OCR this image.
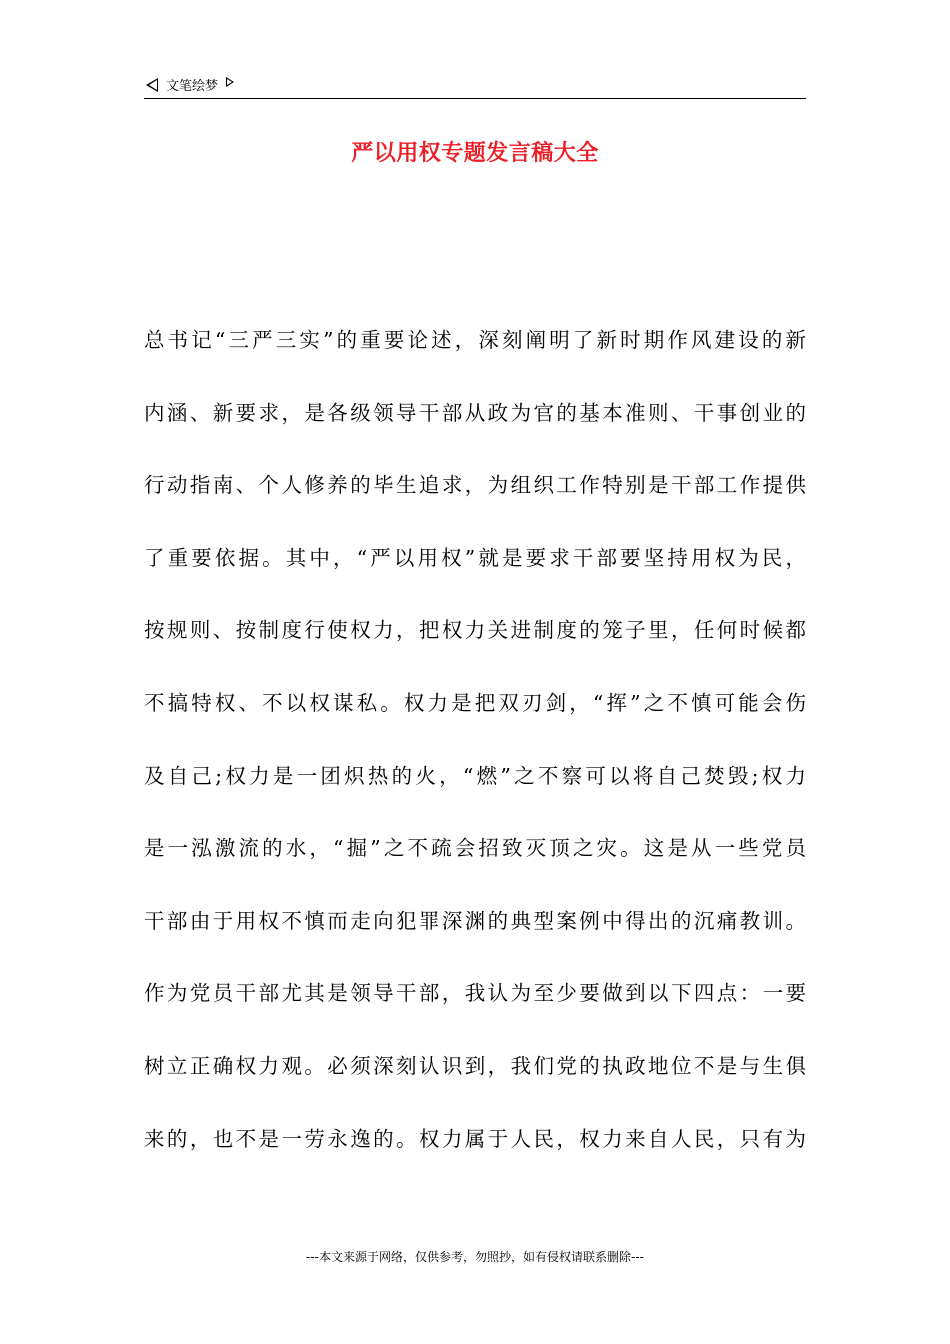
文笔绘梦
严以用权专题发言稿大全
总书记“三严三实”的重要论述，深刻阐明了新时期作风建设的新
内涵、新要求，是各级领导干部从政为官的基本准则、干事创业的
行动指南、个人修养的毕生追求，为组织工作特别是干部工作提供
了重要依据。其中，“严以用权”就是要求干部要坚持用权为民，
按规则、按制度行使权力，把权力关进制度的笼子里，任何时候都
不搞特权、不以权谋私。权力是把双刃剑，“挥”之不慎可能会伤
及自己;权力是一团炽热的火，“燃”之不察可以将自己焚毁;权力
是一泓激流的水，“掘”之不疏会招致灭顶之灾。这是从一些党员
干部由于用权不慎而走向犯罪深渊的典型案例中得出的沉痛教训。
作为党员干部尤其是领导干部，我认为至少要做到以下四点：一要
树立正确权力观。必须深刻认识到，我们党的执政地位不是与生俱
来的，也不是一劳永逸的。权力属于人民，权力来自人民，只有为
---本文来源于网络，仅供参考，勿照抄，如有侵权请联系删除---
